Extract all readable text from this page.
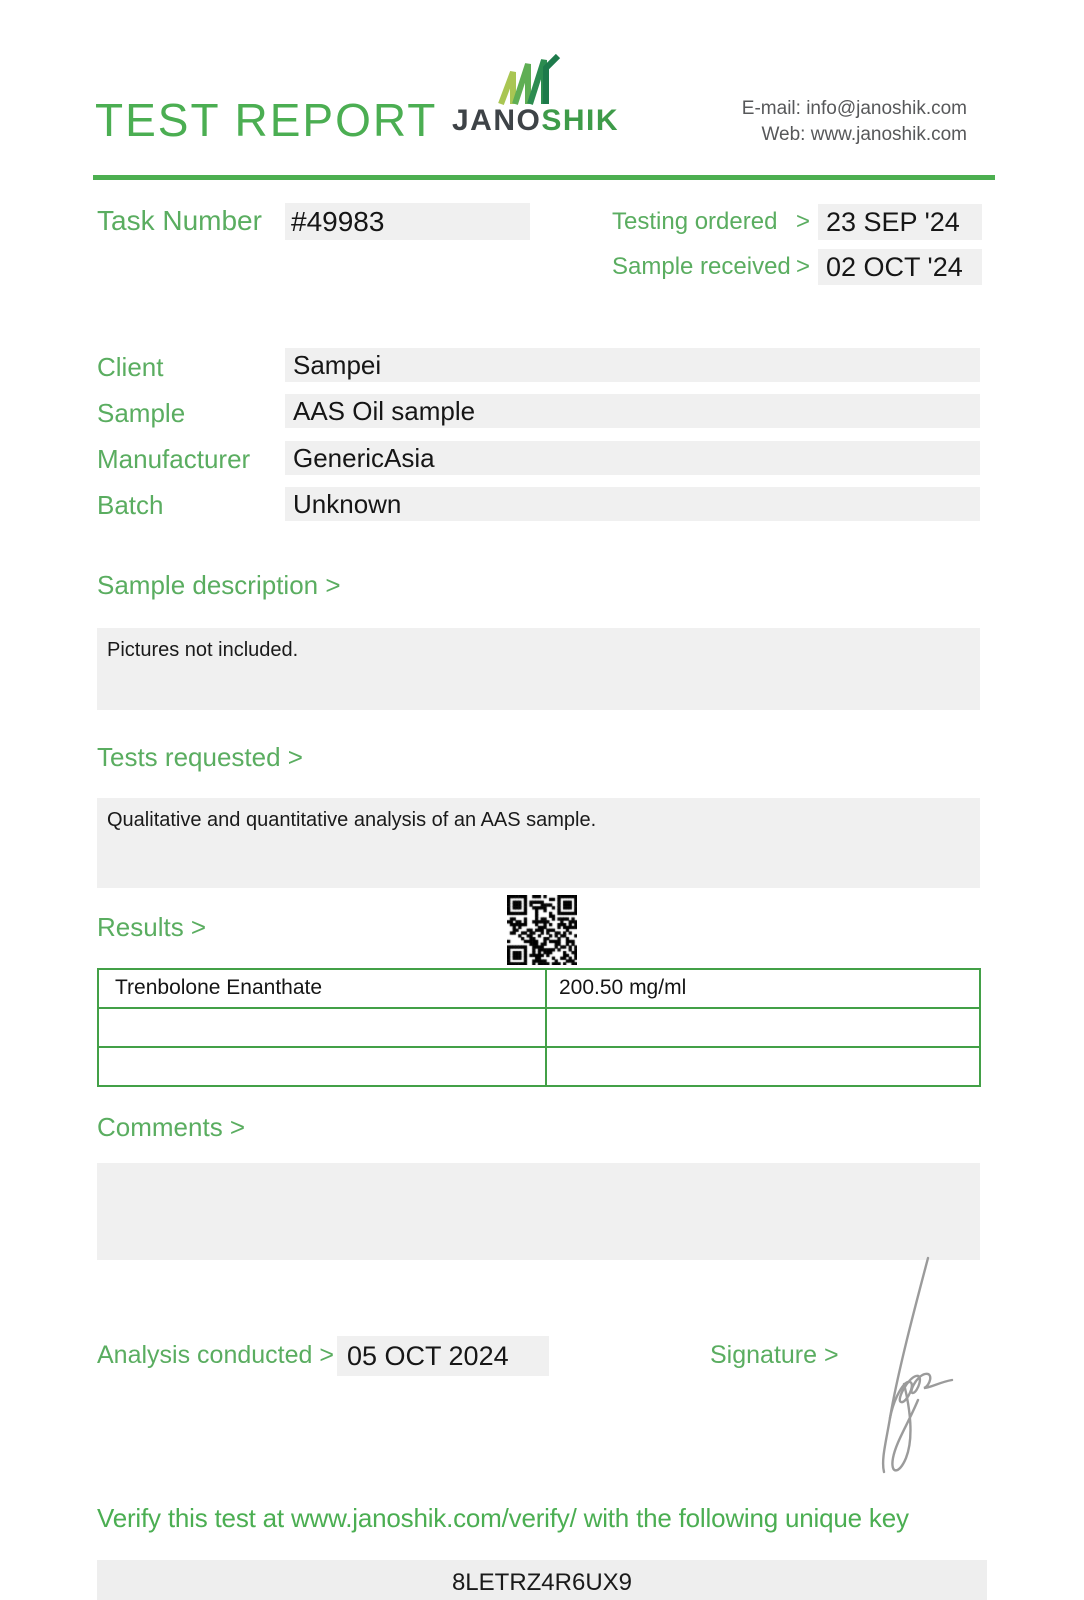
TEST REPORT JANOSHIK	E-mail: info@janoshik.com
Web: www.janoshik.com
Task Number #49983	Testing ordered > 23 SEP '24
Sample received > 02 OCT '24
Client	Sampei
Sample	AAS Oil sample
Manufacturer	GenericAsia
Batch	Unknown
Sample description >
Pictures not included.
Tests requested >
Qualitative and quantitative analysis of an AAS sample.
Results >
Trenbolone Enanthate	200.50 mg/ml
Comments >
Analysis conducted > 05 OCT 2024	Signature >
Verify this test at www.janoshik.com/verify/ with the following unique key
8LETRZ4R6UX9
